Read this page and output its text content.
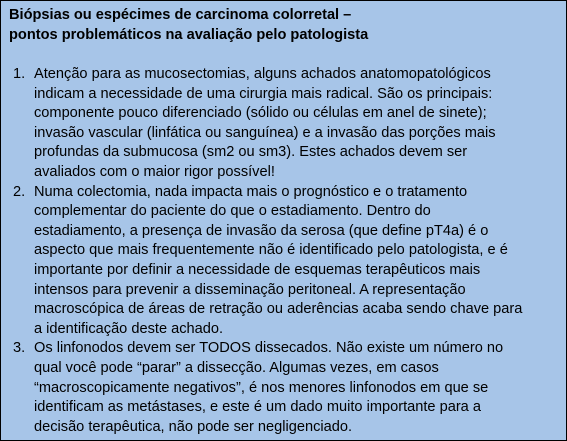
Biópsias ou espécimes de carcinoma colorretal –
pontos problemáticos na avaliação pelo patologista
1. Atenção para as mucosectomias, alguns achados anatomopatológicos
indicam a necessidade de uma cirurgia mais radical. São os principais:
componente pouco diferenciado (sólido ou células em anel de sinete);
invasão vascular (linfática ou sanguínea) e a invasão das porções mais
profundas da submucosa (sm2 ou sm3). Estes achados devem ser
avaliados com o maior rigor possível!
2. Numa colectomia, nada impacta mais o prognóstico e o tratamento
complementar do paciente do que o estadiamento. Dentro do
estadiamento, a presença de invasão da serosa (que define pT4a) é o
aspecto que mais frequentemente não é identificado pelo patologista, e é
importante por definir a necessidade de esquemas terapêuticos mais
intensos para prevenir a disseminação peritoneal. A representação
macroscópica de áreas de retração ou aderências acaba sendo chave para
a identificação deste achado.
3. Os linfonodos devem ser TODOS dissecados. Não existe um número no
qual você pode “parar” a dissecção. Algumas vezes, em casos
“macroscopicamente negativos”, é nos menores linfonodos em que se
identificam as metástases, e este é um dado muito importante para a
decisão terapêutica, não pode ser negligenciado.
